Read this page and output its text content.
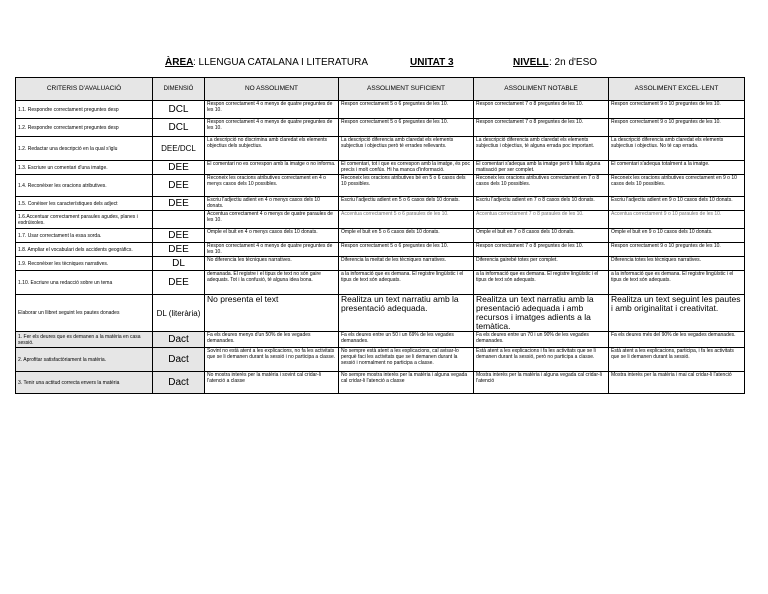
ÀREA : LLENGUA CATALANA I LITERATURA	UNITAT 3	NIVELL : 2n d'ESO
CRITERIS D'AVALUACIÓ	DIMENSIÓ	NO ASSOLIMENT	ASSOLIMENT SUFICIENT	ASSOLIMENT NOTABLE	ASSOLIMENT EXCEL·LENT
1.1. Respondre correctament preguntes desp	DCL	Respon correctament 4 o menys de quatre preguntes de les 10.	Respon correctament 5 o 6 preguntes de les 10.	Respon correctament 7 o 8 preguntes de les 10.	Respon correctament 9 o 10 preguntes de les 10.
1.2. Respondre correctament preguntes desp	DCL	Respon correctament 4 o menys de quatre preguntes de les 10.	Respon correctament 5 o 6 preguntes de les 10.	Respon correctament 7 o 8 preguntes de les 10.	Respon correctament 9 o 10 preguntes de les 10.
1.2. Redactar una descripció en la qual s'iglu	DEE/DCL	La descripció no discrimina amb claredat els elements objectius dels subjectius.	La descripció diferencia amb claredat els elements subjectius i objectius però té errades rellevants.	La descripció diferencia amb claredat els elements subjectius i objectius, té alguna errada poc important.	La descripció diferencia amb claredat els elements subjectius i objectius. No té cap errada.
1.3. Escriure un comentari d'una imatge.	DEE	El comentari no es correspon amb la imatge o no informa.	El comentari, tot i que es correspon amb la imatge, és poc precís i molt confús. Hi ha manca d'informació.	El comentari s'adequa amb la imatge però li falta alguna matisació per ser complet.	El comentari s'adequa totalment a la imatge.
1.4. Reconèixer les oracions atributives.	DEE	Reconeix les oracions atributives correctament en 4 o menys casos dels 10 possibles.	Reconeix les oracions atributives bé en 5 o 6 casos dels 10 possibles.	Reconeix les oracions atributives correctament en 7 o 8 casos dels 10 possibles.	Reconeix les oracions atributives correctament en 9 o 10 casos dels 10 possibles.
1.5. Conèixer les característiques dels adject	DEE	Escriu l'adjectiu adient en 4 o menys casos dels 10 donats.	Escriu l'adjectiu adient en 5 o 6 casos dels 10 donats.	Escriu l'adjectiu adient en 7 o 8 casos dels 10 donats.	Escriu l'adjectiu adient en 9 o 10 casos dels 10 donats.
1.6.Accentuar correctament paraules agudes, planes i esdrúixoles.		Accentua correctament 4 o menys de quatre paraules de les 10.	Accentua correctament 5 o 6 paraules de les 10.	Accentua correctament 7 o 8 paraules de les 10.	Accentua correctament 9 o 10 paraules de les 10.
1.7. Usar correctament la essa sorda.	DEE	Omple el buit en 4 o menys casos dels 10 donats.	Omple el buit en 5 o 6 casos dels 10 donats.	Omple el buit en 7 o 8 casos dels 10 donats.	Omple el buit en 9 o 10 casos dels 10 donats.
1.8. Ampliar el vocabulari dels accidents geogràfics.	DEE	Respon correctament 4 o menys de quatre preguntes de les 10.	Respon correctament 5 o 6 preguntes de les 10.	Respon correctament 7 o 8 preguntes de les 10.	Respon correctament 9 o 10 preguntes de les 10.
1.9. Reconèixer les tècniques narratives.	DL	No diferencia les tècniques narratives.	Diferencia la meitat de les tècniques narratives.	Diferencia gairebé totes per complet.	Diferencia totes les tècniques narratives.
1.10. Escriure una redacció sobre un tema	DEE	demanada. El registre i el tipus de text no són gaire adequats. Tot i la confusió, té alguna idea bona.	a la informació que es demana. El registre lingüístic i el tipus de text són adequats.	a la informació que es demana. El registre lingüístic i el tipus de text són adequats.	a la informació que es demana. El registre lingüístic i el tipus de text són adequats.
Elaborar un llibret seguint les pautes donades	DL (literària)	No presenta el text	Realitza un text narratiu amb la presentació adequada.	Realitza un text narratiu amb la presentació adequada i amb recursos i imatges adients a la temàtica.	Realitza un text seguint les pautes i amb originalitat i creativitat.
1. Fer els deures que es demanen a la matèria en casa sessió.	Dact	Fa els deures menys d'un 50% de les vegades demanades.	Fa els deures entre un 50 i un 69% de les vegades demanades.	Fa els deures entre un 70 i un 90% de les vegades demanades.	Fa els deures més del 90% de les vegades demanades.
2. Aprofitar satisfactòriament la matèria.	Dact	Sovint no està atent a les explicacions, no fa les activitats que se li demanen durant la sessió i no participa a classe.	No sempre està atent a les explicacions, cal avisar-lo perquè faci les activitats que se li demanen durant la sessió i normalment no participa a classe.	Està atent a les explicacions i fa les activitats que se li demanen durant la sessió, però no participa a classe.	Està atent a les explicacions, participa, i fa les activitats que se li demanen durant la sessió.
3. Tenir una actitud correcta envers la matèria	Dact	No mostra interès per la matèria i sovint cal cridar-li l'atenció a classe	No sempre mostra interès per la matèria i alguna vegada cal cridar-li l'atenció a classe	Mostra interès per la matèria i alguna vegada cal cridar-li l'atenció	Mostra interès per la matèria i mai cal cridar-li l'atenció
